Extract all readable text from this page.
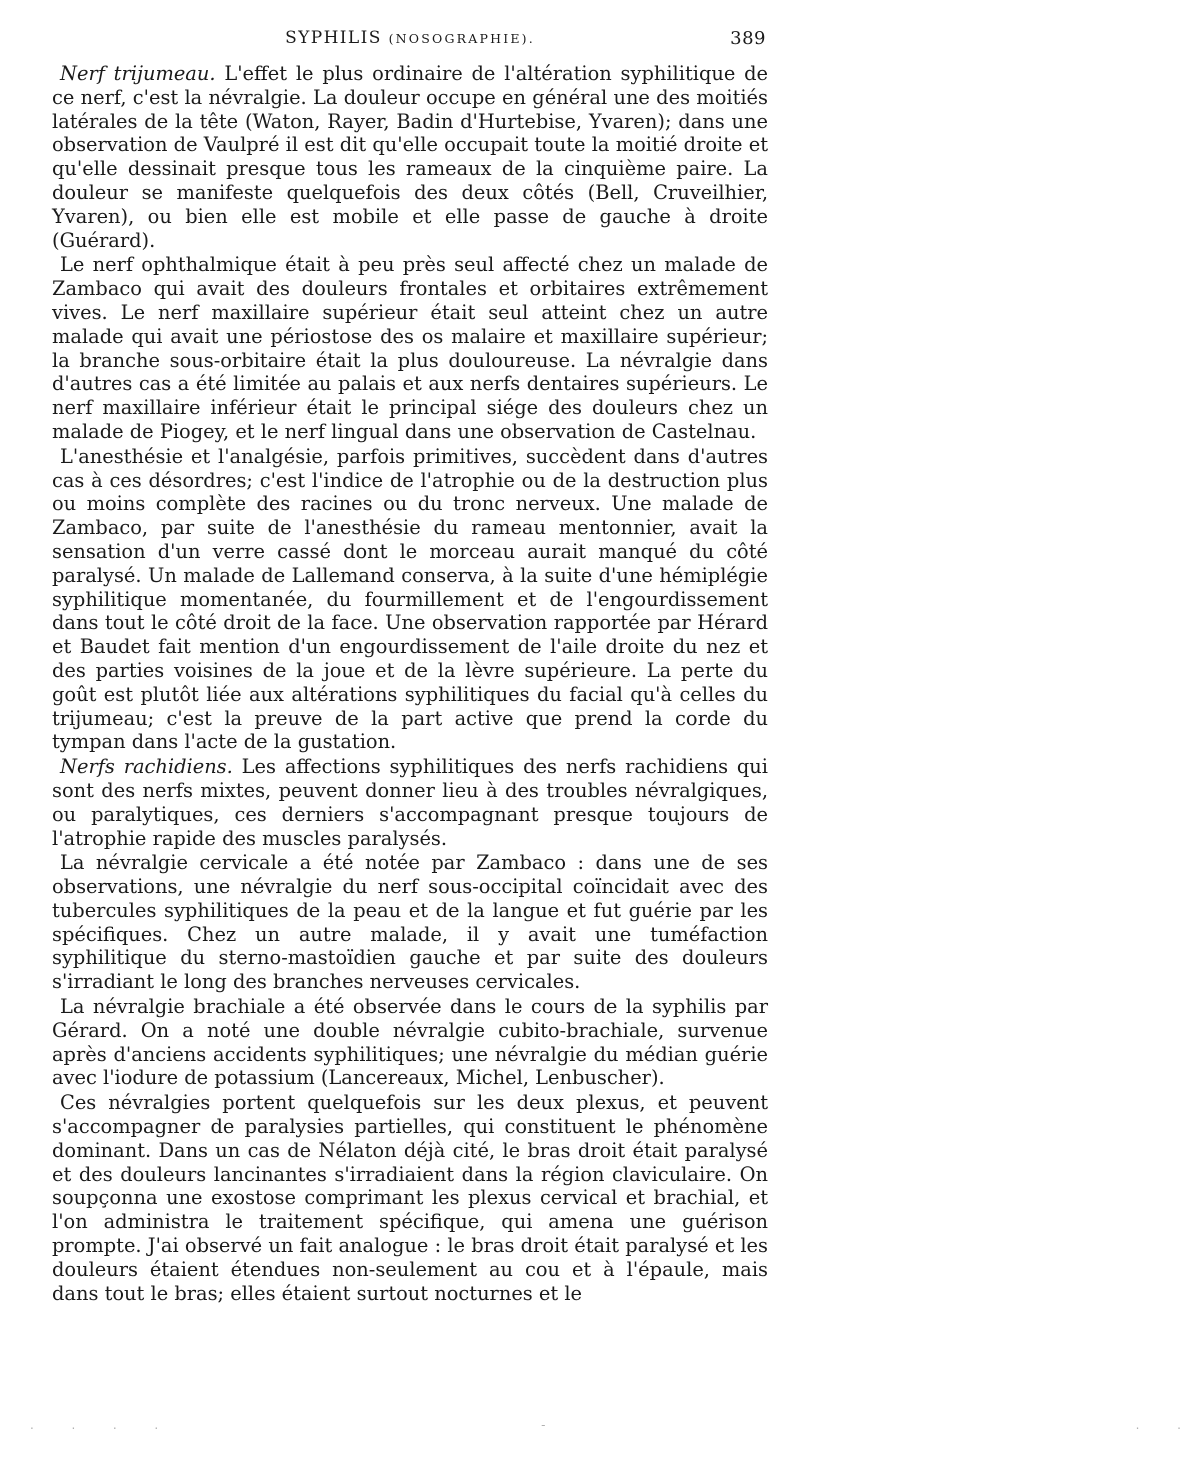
SYPHILIS (NOSOGRAPHIE).	389

Nerf trijumeau. L'effet le plus ordinaire de l'altération syphilitique de ce nerf, c'est la névralgie. La douleur occupe en général une des moitiés latérales de la tête (Waton, Rayer, Badin d'Hurtebise, Yvaren); dans une observation de Vaulpré il est dit qu'elle occupait toute la moitié droite et qu'elle dessinait presque tous les rameaux de la cinquième paire. La douleur se manifeste quelquefois des deux côtés (Bell, Cruveilhier, Yvaren), ou bien elle est mobile et elle passe de gauche à droite (Guérard).

Le nerf ophthalmique était à peu près seul affecté chez un malade de Zambaco qui avait des douleurs frontales et orbitaires extrêmement vives. Le nerf maxillaire supérieur était seul atteint chez un autre malade qui avait une périostose des os malaire et maxillaire supérieur; la branche sous-orbitaire était la plus douloureuse. La névralgie dans d'autres cas a été limitée au palais et aux nerfs dentaires supérieurs. Le nerf maxillaire inférieur était le principal siége des douleurs chez un malade de Piogey, et le nerf lingual dans une observation de Castelnau.

L'anesthésie et l'analgésie, parfois primitives, succèdent dans d'autres cas à ces désordres; c'est l'indice de l'atrophie ou de la destruction plus ou moins complète des racines ou du tronc nerveux. Une malade de Zambaco, par suite de l'anesthésie du rameau mentonnier, avait la sensation d'un verre cassé dont le morceau aurait manqué du côté paralysé. Un malade de Lallemand conserva, à la suite d'une hémiplégie syphilitique momentanée, du fourmillement et de l'engourdissement dans tout le côté droit de la face. Une observation rapportée par Hérard et Baudet fait mention d'un engourdissement de l'aile droite du nez et des parties voisines de la joue et de la lèvre supérieure. La perte du goût est plutôt liée aux altérations syphilitiques du facial qu'à celles du trijumeau; c'est la preuve de la part active que prend la corde du tympan dans l'acte de la gustation.

Nerfs rachidiens. Les affections syphilitiques des nerfs rachidiens qui sont des nerfs mixtes, peuvent donner lieu à des troubles névralgiques, ou paralytiques, ces derniers s'accompagnant presque toujours de l'atrophie rapide des muscles paralysés.

La névralgie cervicale a été notée par Zambaco : dans une de ses observations, une névralgie du nerf sous-occipital coïncidait avec des tubercules syphilitiques de la peau et de la langue et fut guérie par les spécifiques. Chez un autre malade, il y avait une tuméfaction syphilitique du sterno-mastoïdien gauche et par suite des douleurs s'irradiant le long des branches nerveuses cervicales.

La névralgie brachiale a été observée dans le cours de la syphilis par Gérard. On a noté une double névralgie cubito-brachiale, survenue après d'anciens accidents syphilitiques; une névralgie du médian guérie avec l'iodure de potassium (Lancereaux, Michel, Lenbuscher).

Ces névralgies portent quelquefois sur les deux plexus, et peuvent s'accompagner de paralysies partielles, qui constituent le phénomène dominant. Dans un cas de Nélaton déjà cité, le bras droit était paralysé et des douleurs lancinantes s'irradiaient dans la région claviculaire. On soupçonna une exostose comprimant les plexus cervical et brachial, et l'on administra le traitement spécifique, qui amena une guérison prompte. J'ai observé un fait analogue : le bras droit était paralysé et les douleurs étaient étendues non-seulement au cou et à l'épaule, mais dans tout le bras; elles étaient surtout nocturnes et le

.  .  .  .                           -                                          .  .
